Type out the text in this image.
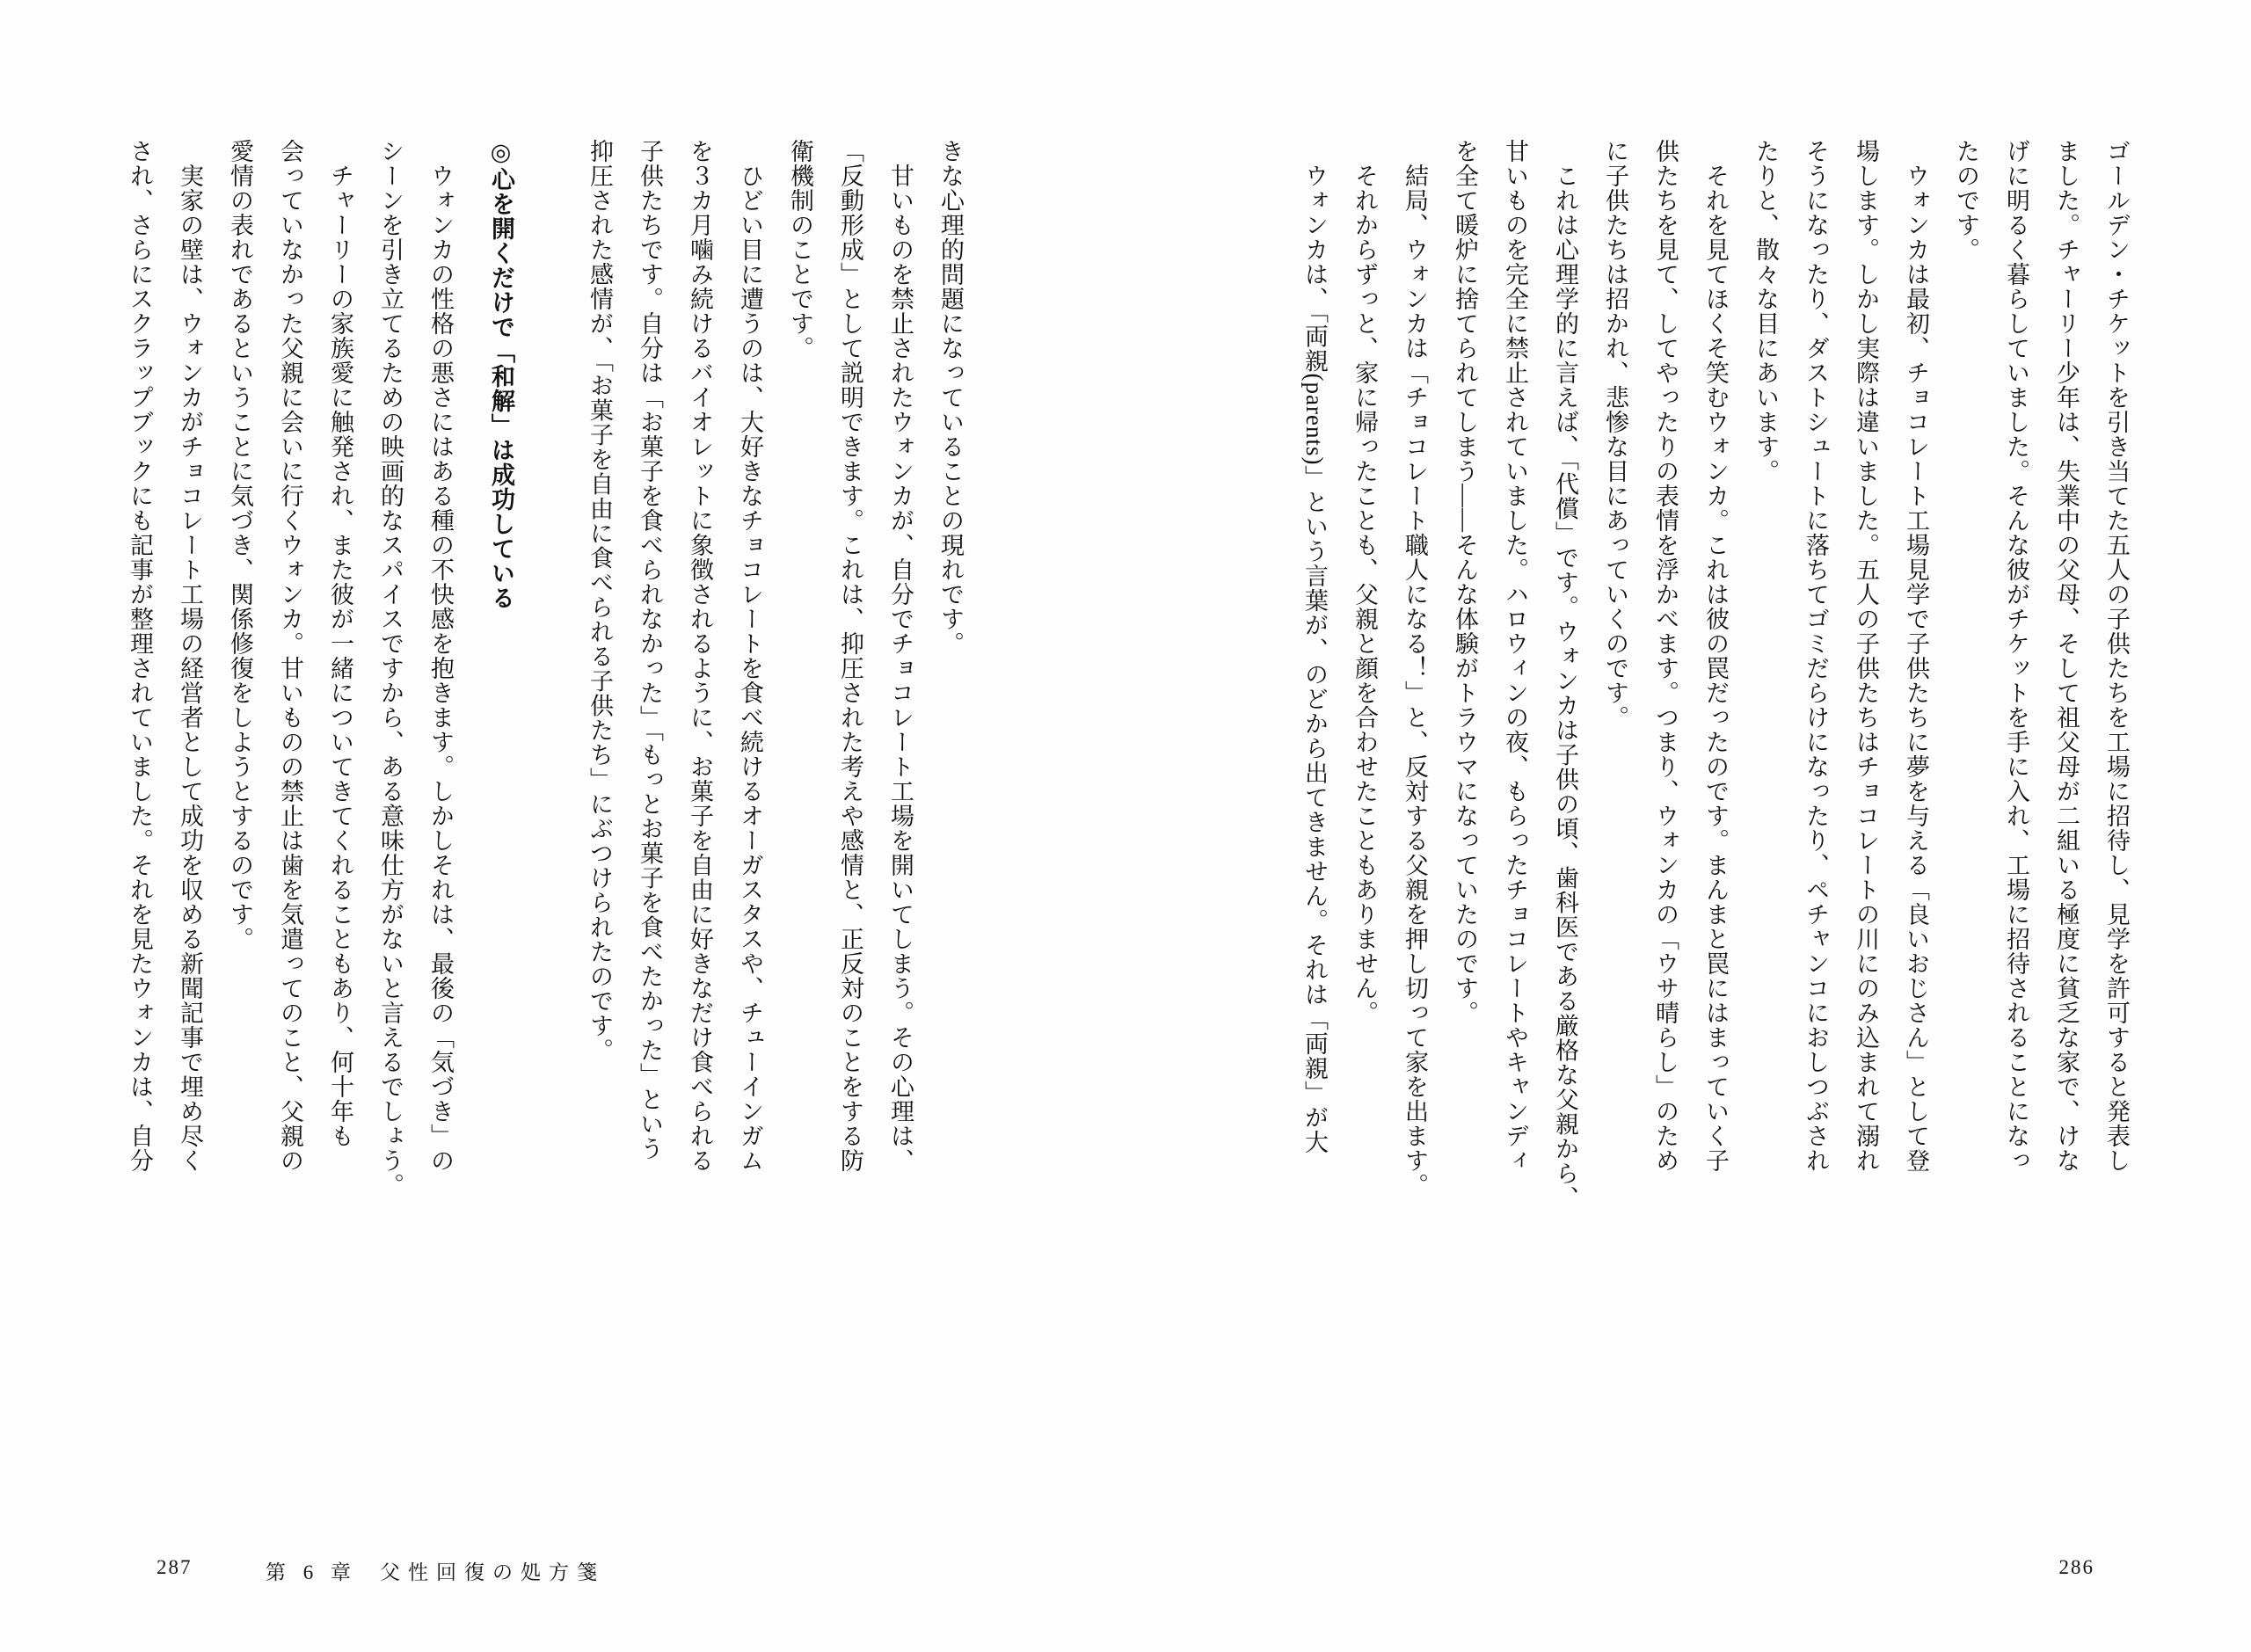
ゴールデン・チケットを引き当てた五人の子供たちを工場に招待し、見学を許可すると発表し
ました。チャーリー少年は、失業中の父母、そして祖父母が二組いる極度に貧乏な家で、けな
げに明るく暮らしていました。そんな彼がチケットを手に入れ、工場に招待されることになっ
たのです。
　ウォンカは最初、チョコレート工場見学で子供たちに夢を与える「良いおじさん」として登
場します。しかし実際は違いました。五人の子供たちはチョコレートの川にのみ込まれて溺れ
そうになったり、ダストシュートに落ちてゴミだらけになったり、ペチャンコにおしつぶされ
たりと、散々な目にあいます。
　それを見てほくそ笑むウォンカ。これは彼の罠だったのです。まんまと罠にはまっていく子
供たちを見て、してやったりの表情を浮かべます。つまり、ウォンカの「ウサ晴らし」のため
に子供たちは招かれ、悲惨な目にあっていくのです。
　これは心理学的に言えば、「代償」です。ウォンカは子供の頃、歯科医である厳格な父親から、
甘いものを完全に禁止されていました。ハロウィンの夜、もらったチョコレートやキャンディ
を全て暖炉に捨てられてしまう——そんな体験がトラウマになっていたのです。
　結局、ウォンカは「チョコレート職人になる！」と、反対する父親を押し切って家を出ます。
　それからずっと、家に帰ったことも、父親と顔を合わせたこともありません。
　ウォンカは、「両親(parents)」という言葉が、のどから出てきません。それは「両親」が大
きな心理的問題になっていることの現れです。
　甘いものを禁止されたウォンカが、自分でチョコレート工場を開いてしまう。その心理は、
「反動形成」として説明できます。これは、抑圧された考えや感情と、正反対のことをする防
衛機制のことです。
　ひどい目に遭うのは、大好きなチョコレートを食べ続けるオーガスタスや、チューインガム
を３カ月噛み続けるバイオレットに象徴されるように、お菓子を自由に好きなだけ食べられる
子供たちです。自分は「お菓子を食べられなかった」「もっとお菓子を食べたかった」という
抑圧された感情が、「お菓子を自由に食べられる子供たち」にぶつけられたのです。
◎心を開くだけで「和解」は成功している
　ウォンカの性格の悪さにはある種の不快感を抱きます。しかしそれは、最後の「気づき」の
シーンを引き立てるための映画的なスパイスですから、ある意味仕方がないと言えるでしょう。
　チャーリーの家族愛に触発され、また彼が一緒についてきてくれることもあり、何十年も
会っていなかった父親に会いに行くウォンカ。甘いものの禁止は歯を気遣ってのこと、父親の
愛情の表れであるということに気づき、関係修復をしようとするのです。
　実家の壁は、ウォンカがチョコレート工場の経営者として成功を収める新聞記事で埋め尽く
され、さらにスクラップブックにも記事が整理されていました。それを見たウォンカは、自分
287	第 6 章 父性回復の処方箋	286
